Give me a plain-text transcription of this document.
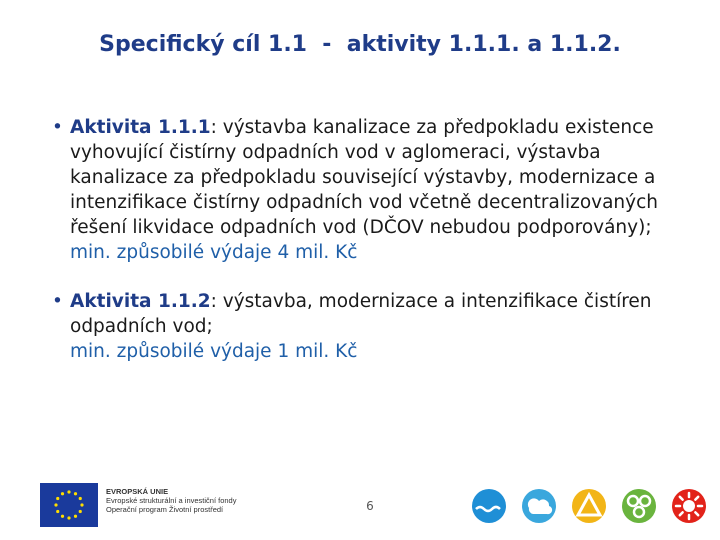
Specifický cíl 1.1  -  aktivity 1.1.1. a 1.1.2.
• Aktivita 1.1.1: výstavba kanalizace za předpokladu existence vyhovující čistírny odpadních vod v aglomeraci, výstavba kanalizace za předpokladu související výstavby, modernizace a intenzifikace čistírny odpadních vod včetně decentralizovaných řešení likvidace odpadních vod (DČOV nebudou podporovány);
min. způsobilé výdaje 4 mil. Kč
• Aktivita 1.1.2: výstavba, modernizace a intenzifikace čistíren odpadních vod;
min. způsobilé výdaje 1 mil. Kč
EVROPSKÁ UNIE
Evropské strukturální a investiční fondy
Operační program Životní prostředí	6
